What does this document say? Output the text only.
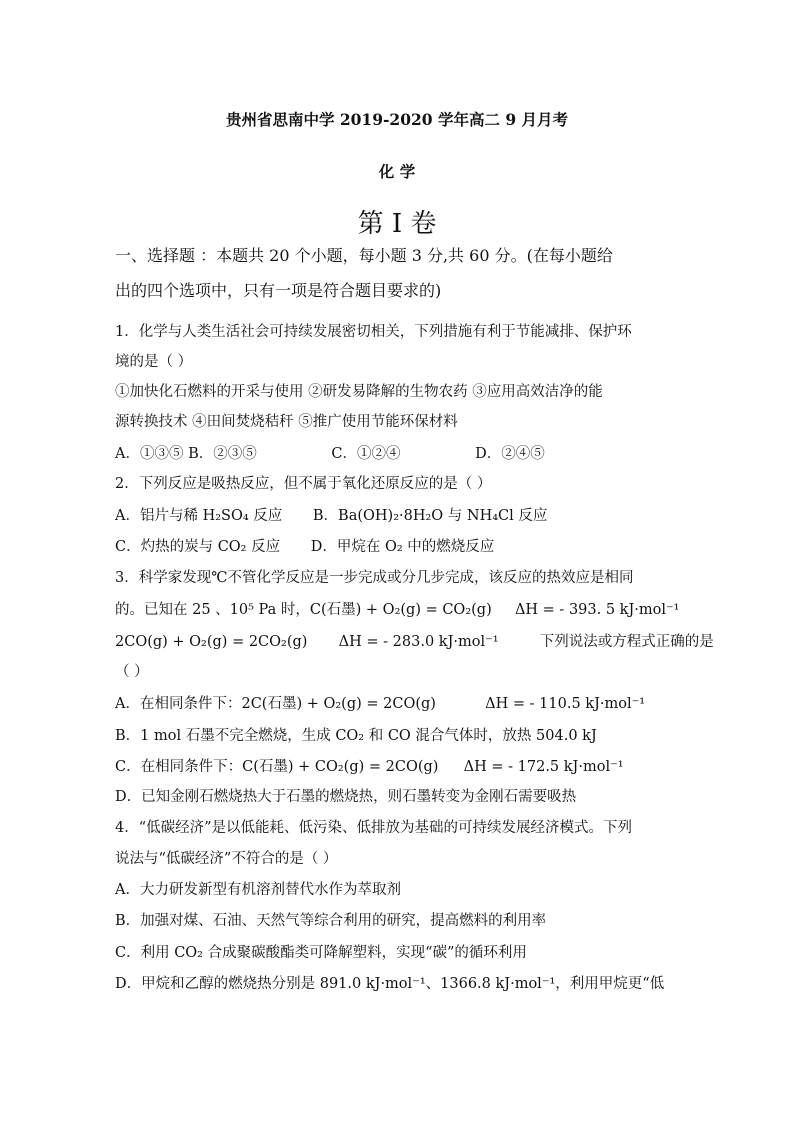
贵州省思南中学 2019-2020 学年高二 9 月月考
化 学
第 I 卷
一、选择题 ：本题共 20 个小题，每小题 3 分,共 60 分。(在每小题给
出的四个选项中，只有一项是符合题目要求的)
1．化学与人类生活社会可持续发展密切相关，下列措施有利于节能减排、保护环
境的是（ ）
①加快化石燃料的开采与使用 ②研发易降解的生物农药 ③应用高效洁净的能
源转换技术 ④田间焚烧秸秆 ⑤推广使用节能环保材料
A．①③⑤ B．②③⑤	C．①②④	D．②④⑤
2．下列反应是吸热反应，但不属于氧化还原反应的是（ ）
A．铝片与稀 H₂SO₄ 反应 B．Ba(OH)₂·8H₂O 与 NH₄Cl 反应
C．灼热的炭与 CO₂ 反应 D．甲烷在 O₂ 中的燃烧反应
3．科学家发现℃不管化学反应是一步完成或分几步完成，该反应的热效应是相同
的。已知在 25 、10⁵ Pa 时，C(石墨) + O₂(g) = CO₂(g) ΔH = - 393. 5 kJ·mol⁻¹
2CO(g) + O₂(g) = 2CO₂(g) ΔH = - 283.0 kJ·mol⁻¹	下列说法或方程式正确的是
（ ）
A．在相同条件下：2C(石墨) + O₂(g) = 2CO(g)	ΔH = - 110.5 kJ·mol⁻¹
B．1 mol 石墨不完全燃烧，生成 CO₂ 和 CO 混合气体时，放热 504.0 kJ
C．在相同条件下：C(石墨) + CO₂(g) = 2CO(g) ΔH = - 172.5 kJ·mol⁻¹
D．已知金刚石燃烧热大于石墨的燃烧热，则石墨转变为金刚石需要吸热
4．“低碳经济”是以低能耗、低污染、低排放为基础的可持续发展经济模式。下列
说法与“低碳经济”不符合的是（ ）
A．大力研发新型有机溶剂替代水作为萃取剂
B．加强对煤、石油、天然气等综合利用的研究，提高燃料的利用率
C．利用 CO₂ 合成聚碳酸酯类可降解塑料，实现“碳”的循环利用
D．甲烷和乙醇的燃烧热分别是 891.0 kJ·mol⁻¹、1366.8 kJ·mol⁻¹，利用甲烷更“低
